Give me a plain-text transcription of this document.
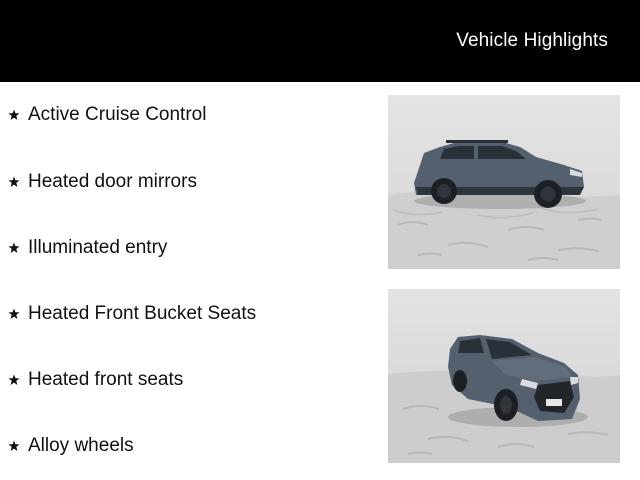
Vehicle Highlights
Active Cruise Control
Heated door mirrors
Illuminated entry
Heated Front Bucket Seats
Heated front seats
Alloy wheels
